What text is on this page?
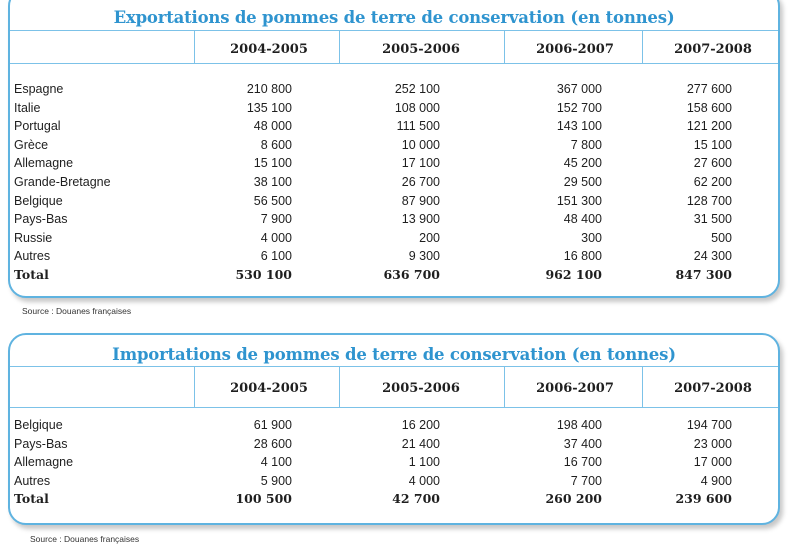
Exportations de pommes de terre de conservation (en tonnes)
2004-2005	2005-2006	2006-2007	2007-2008
Espagne	210 800	252 100	367 000	277 600
Italie	135 100	108 000	152 700	158 600
Portugal	48 000	111 500	143 100	121 200
Grèce	8 600	10 000	7 800	15 100
Allemagne	15 100	17 100	45 200	27 600
Grande-Bretagne	38 100	26 700	29 500	62 200
Belgique	56 500	87 900	151 300	128 700
Pays-Bas	7 900	13 900	48 400	31 500
Russie	4 000	200	300	500
Autres	6 100	9 300	16 800	24 300
Total	530 100	636 700	962 100	847 300
Source : Douanes françaises
Importations de pommes de terre de conservation (en tonnes)
2004-2005	2005-2006	2006-2007	2007-2008
Belgique	61 900	16 200	198 400	194 700
Pays-Bas	28 600	21 400	37 400	23 000
Allemagne	4 100	1 100	16 700	17 000
Autres	5 900	4 000	7 700	4 900
Total	100 500	42 700	260 200	239 600
Source : Douanes françaises
